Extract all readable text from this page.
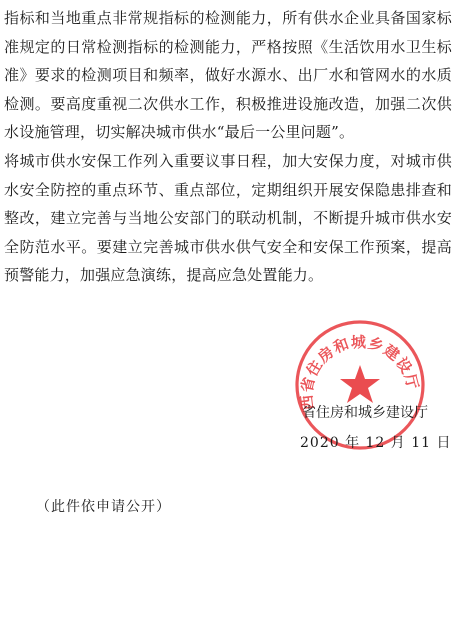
指标和当地重点非常规指标的检测能力，所有供水企业具备国家标准规定的日常检测指标的检测能力，严格按照《生活饮用水卫生标准》要求的检测项目和频率，做好水源水、出厂水和管网水的水质检测。要高度重视二次供水工作，积极推进设施改造，加强二次供水设施管理，切实解决城市供水“最后一公里问题”。

将城市供水安保工作列入重要议事日程，加大安保力度，对城市供水安全防控的重点环节、重点部位，定期组织开展安保隐患排查和整改，建立完善与当地公安部门的联动机制，不断提升城市供水安全防范水平。要建立完善城市供水供气安全和安保工作预案，提高预警能力，加强应急演练，提高应急处置能力。

西省住房和城乡建设厅
省住房和城乡建设厅
2020 年 12 月 11 日
（此件依申请公开）
